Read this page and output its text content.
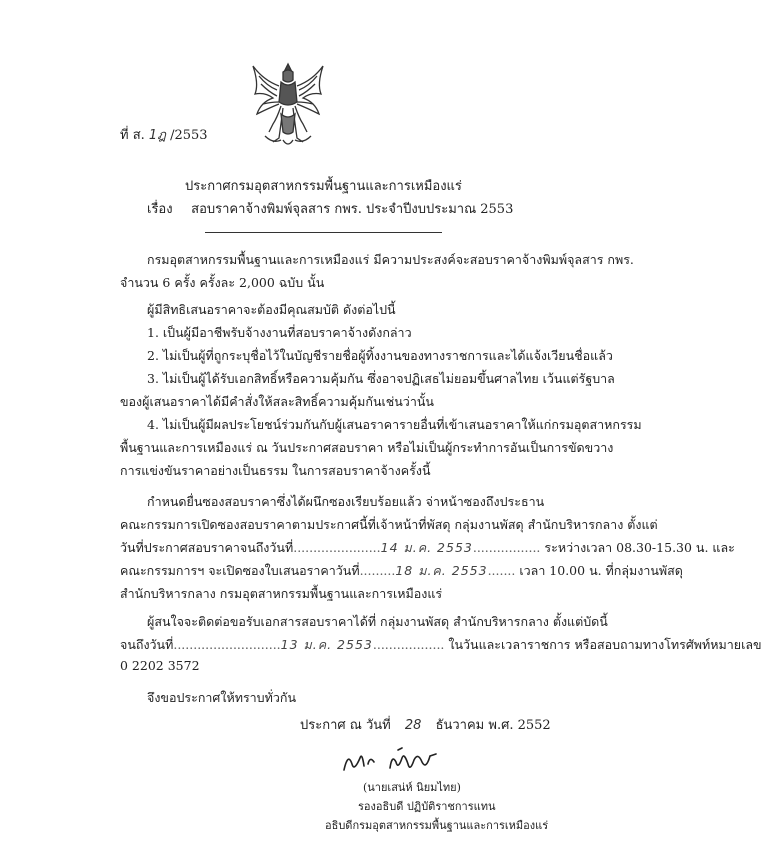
ที่ ส. 1ฎ /2553
ประกาศกรมอุตสาหกรรมพื้นฐานและการเหมืองแร่
เรื่อง สอบราคาจ้างพิมพ์จุลสาร กพร. ประจำปีงบประมาณ 2553
กรมอุตสาหกรรมพื้นฐานและการเหมืองแร่ มีความประสงค์จะสอบราคาจ้างพิมพ์จุลสาร กพร.
จำนวน 6 ครั้ง ครั้งละ 2,000 ฉบับ นั้น
ผู้มีสิทธิเสนอราคาจะต้องมีคุณสมบัติ ดังต่อไปนี้
1. เป็นผู้มีอาชีพรับจ้างงานที่สอบราคาจ้างดังกล่าว
2. ไม่เป็นผู้ที่ถูกระบุชื่อไว้ในบัญชีรายชื่อผู้ทิ้งงานของทางราชการและได้แจ้งเวียนชื่อแล้ว
3. ไม่เป็นผู้ได้รับเอกสิทธิ์หรือความคุ้มกัน ซึ่งอาจปฏิเสธไม่ยอมขึ้นศาลไทย เว้นแต่รัฐบาล
ของผู้เสนอราคาได้มีคำสั่งให้สละสิทธิ์ความคุ้มกันเช่นว่านั้น
4. ไม่เป็นผู้มีผลประโยชน์ร่วมกันกับผู้เสนอราคารายอื่นที่เข้าเสนอราคาให้แก่กรมอุตสาหกรรม
พื้นฐานและการเหมืองแร่ ณ วันประกาศสอบราคา หรือไม่เป็นผู้กระทำการอันเป็นการขัดขวาง
การแข่งขันราคาอย่างเป็นธรรม ในการสอบราคาจ้างครั้งนี้
กำหนดยื่นซองสอบราคาซึ่งได้ผนึกซองเรียบร้อยแล้ว จ่าหน้าซองถึงประธาน
คณะกรรมการเปิดซองสอบราคาตามประกาศนี้ที่เจ้าหน้าที่พัสดุ กลุ่มงานพัสดุ สำนักบริหารกลาง ตั้งแต่
วันที่ประกาศสอบราคาจนถึงวันที่......................14 ม.ค. 2553................. ระหว่างเวลา 08.30-15.30 น. และ
คณะกรรมการฯ จะเปิดซองใบเสนอราคาวันที่.........18 ม.ค. 2553....... เวลา 10.00 น. ที่กลุ่มงานพัสดุ
สำนักบริหารกลาง กรมอุตสาหกรรมพื้นฐานและการเหมืองแร่
ผู้สนใจจะติดต่อขอรับเอกสารสอบราคาได้ที่ กลุ่มงานพัสดุ สำนักบริหารกลาง ตั้งแต่บัดนี้
จนถึงวันที่...........................13 ม.ค. 2553.................. ในวันและเวลาราชการ หรือสอบถามทางโทรศัพท์หมายเลข
0 2202 3572
จึงขอประกาศให้ทราบทั่วกัน
ประกาศ ณ วันที่ 28 ธันวาคม พ.ศ. 2552
(นายเสน่ห์ นิยมไทย)
รองอธิบดี ปฏิบัติราชการแทน
อธิบดีกรมอุตสาหกรรมพื้นฐานและการเหมืองแร่
